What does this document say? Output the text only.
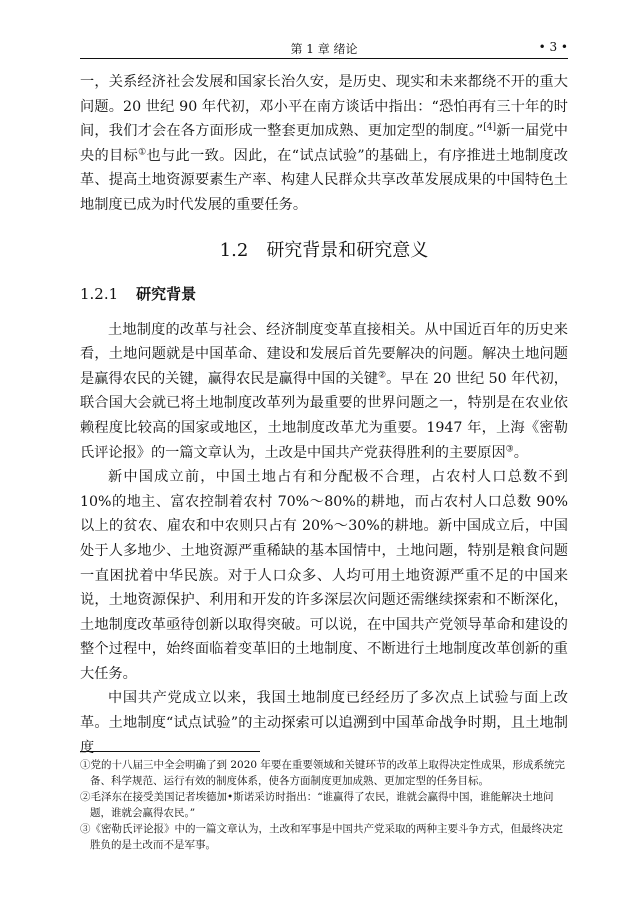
第 1 章 绪论	• 3 •

一，关系经济社会发展和国家长治久安，是历史、现实和未来都绕不开的重大问题。20 世纪 90 年代初，邓小平在南方谈话中指出：“恐怕再有三十年的时间，我们才会在各方面形成一整套更加成熟、更加定型的制度。”[4]新一届党中央的目标①也与此一致。因此，在“试点试验”的基础上，有序推进土地制度改革、提高土地资源要素生产率、构建人民群众共享改革发展成果的中国特色土地制度已成为时代发展的重要任务。

1.2 研究背景和研究意义
1.2.1 研究背景

土地制度的改革与社会、经济制度变革直接相关。从中国近百年的历史来看，土地问题就是中国革命、建设和发展后首先要解决的问题。解决土地问题是赢得农民的关键，赢得农民是赢得中国的关键②。早在 20 世纪 50 年代初，联合国大会就已将土地制度改革列为最重要的世界问题之一，特别是在农业依赖程度比较高的国家或地区，土地制度改革尤为重要。1947 年，上海《密勒氏评论报》的一篇文章认为，土改是中国共产党获得胜利的主要原因③。

新中国成立前，中国土地占有和分配极不合理，占农村人口总数不到 10%的地主、富农控制着农村 70%～80%的耕地，而占农村人口总数 90%以上的贫农、雇农和中农则只占有 20%～30%的耕地。新中国成立后，中国处于人多地少、土地资源严重稀缺的基本国情中，土地问题，特别是粮食问题一直困扰着中华民族。对于人口众多、人均可用土地资源严重不足的中国来说，土地资源保护、利用和开发的许多深层次问题还需继续探索和不断深化，土地制度改革亟待创新以取得突破。可以说，在中国共产党领导革命和建设的整个过程中，始终面临着变革旧的土地制度、不断进行土地制度改革创新的重大任务。

中国共产党成立以来，我国土地制度已经经历了多次点上试验与面上改革。土地制度“试点试验”的主动探索可以追溯到中国革命战争时期，且土地制度

①党的十八届三中全会明确了到 2020 年要在重要领域和关键环节的改革上取得决定性成果，形成系统完备、科学规范、运行有效的制度体系，使各方面制度更加成熟、更加定型的任务目标。

②毛泽东在接受美国记者埃德加•斯诺采访时指出：“谁赢得了农民，谁就会赢得中国，谁能解决土地问题，谁就会赢得农民。”

③《密勒氏评论报》中的一篇文章认为，土改和军事是中国共产党采取的两种主要斗争方式，但最终决定胜负的是土改而不是军事。
